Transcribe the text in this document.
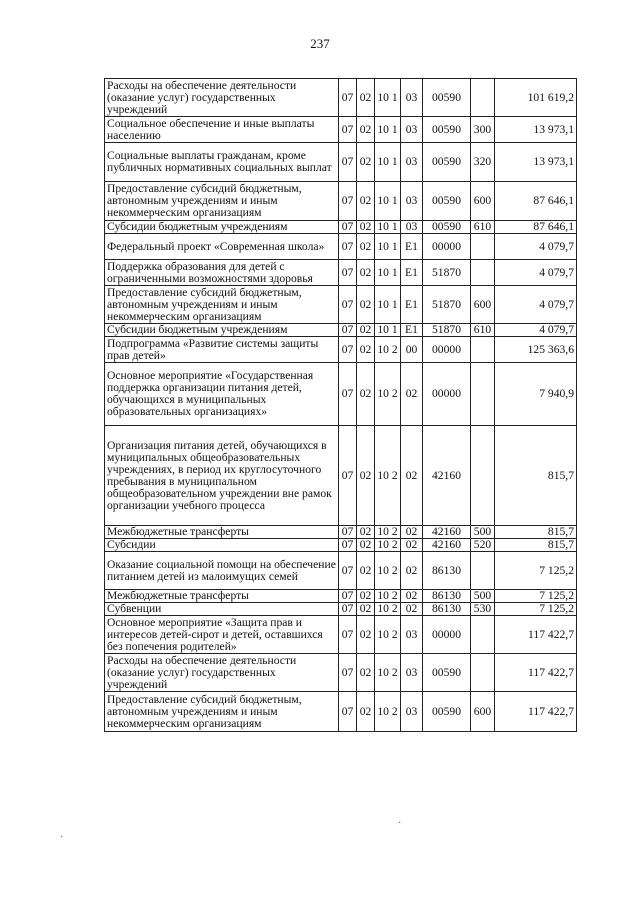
237
Расходы на обеспечение деятельности (оказание услуг) государственных учреждений	07	02	10 1	03	00590		101 619,2
Социальное обеспечение и иные выплаты населению	07	02	10 1	03	00590	300	13 973,1
Социальные выплаты гражданам, кроме публичных нормативных социальных выплат	07	02	10 1	03	00590	320	13 973,1
Предоставление субсидий бюджетным, автономным учреждениям и иным некоммерческим организациям	07	02	10 1	03	00590	600	87 646,1
Субсидии бюджетным учреждениям	07	02	10 1	03	00590	610	87 646,1
Федеральный проект «Современная школа»	07	02	10 1	E1	00000		4 079,7
Поддержка образования для детей с ограниченными возможностями здоровья	07	02	10 1	E1	51870		4 079,7
Предоставление субсидий бюджетным, автономным учреждениям и иным некоммерческим организациям	07	02	10 1	E1	51870	600	4 079,7
Субсидии бюджетным учреждениям	07	02	10 1	E1	51870	610	4 079,7
Подпрограмма «Развитие системы защиты прав детей»	07	02	10 2	00	00000		125 363,6
Основное мероприятие «Государственная поддержка организации питания детей, обучающихся в муниципальных образовательных организациях»	07	02	10 2	02	00000		7 940,9
Организация питания детей, обучающихся в муниципальных общеобразовательных учреждениях, в период их круглосуточного пребывания в муниципальном общеобразовательном учреждении вне рамок организации учебного процесса	07	02	10 2	02	42160		815,7
Межбюджетные трансферты	07	02	10 2	02	42160	500	815,7
Субсидии	07	02	10 2	02	42160	520	815,7
Оказание социальной помощи на обеспечение питанием детей из малоимущих семей	07	02	10 2	02	86130		7 125,2
Межбюджетные трансферты	07	02	10 2	02	86130	500	7 125,2
Субвенции	07	02	10 2	02	86130	530	7 125,2
Основное мероприятие «Защита прав и интересов детей-сирот и детей, оставшихся без попечения родителей»	07	02	10 2	03	00000		117 422,7
Расходы на обеспечение деятельности (оказание услуг) государственных учреждений	07	02	10 2	03	00590		117 422,7
Предоставление субсидий бюджетным, автономным учреждениям и иным некоммерческим организациям	07	02	10 2	03	00590	600	117 422,7
·
·
